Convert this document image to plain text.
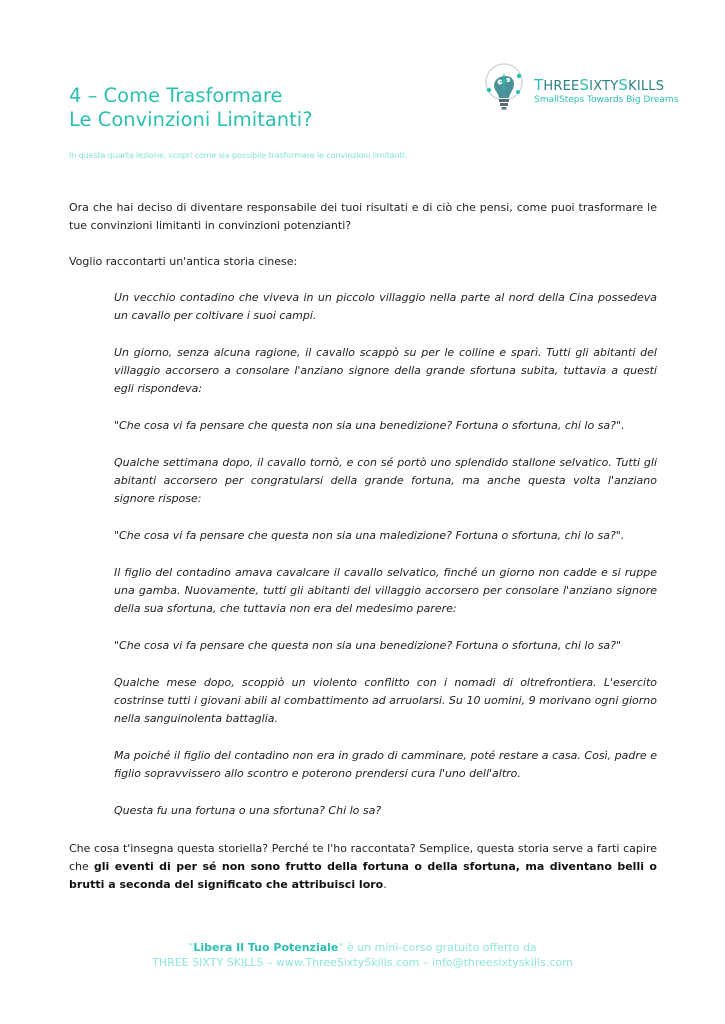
4 – Come Trasformare
Le Convinzioni Limitanti?
In questa quarta lezione, scopri come sia possibile trasformare le convinzioni limitanti.
THREESIXTYSKILLS
SmallSteps Towards Big Dreams

Ora che hai deciso di diventare responsabile dei tuoi risultati e di ciò che pensi, come puoi trasformare le tue convinzioni limitanti in convinzioni potenzianti?

Voglio raccontarti un'antica storia cinese:

Un vecchio contadino che viveva in un piccolo villaggio nella parte al nord della Cina possedeva un cavallo per coltivare i suoi campi.

Un giorno, senza alcuna ragione, il cavallo scappò su per le colline e sparì. Tutti gli abitanti del villaggio accorsero a consolare l'anziano signore della grande sfortuna subita, tuttavia a questi egli rispondeva:

"Che cosa vi fa pensare che questa non sia una benedizione? Fortuna o sfortuna, chi lo sa?".

Qualche settimana dopo, il cavallo tornò, e con sé portò uno splendido stallone selvatico. Tutti gli abitanti accorsero per congratularsi della grande fortuna, ma anche questa volta l'anziano signore rispose:

"Che cosa vi fa pensare che questa non sia una maledizione? Fortuna o sfortuna, chi lo sa?".

Il figlio del contadino amava cavalcare il cavallo selvatico, finché un giorno non cadde e si ruppe una gamba. Nuovamente, tutti gli abitanti del villaggio accorsero per consolare l'anziano signore della sua sfortuna, che tuttavia non era del medesimo parere:

"Che cosa vi fa pensare che questa non sia una benedizione? Fortuna o sfortuna, chi lo sa?"

Qualche mese dopo, scoppiò un violento conflitto con i nomadi di oltrefrontiera. L'esercito costrinse tutti i giovani abili al combattimento ad arruolarsi. Su 10 uomini, 9 morivano ogni giorno nella sanguinolenta battaglia.

Ma poiché il figlio del contadino non era in grado di camminare, poté restare a casa. Così, padre e figlio sopravvissero allo scontro e poterono prendersi cura l'uno dell'altro.

Questa fu una fortuna o una sfortuna? Chi lo sa?

Che cosa t'insegna questa storiella? Perché te l'ho raccontata? Semplice, questa storia serve a farti capire che gli eventi di per sé non sono frutto della fortuna o della sfortuna, ma diventano belli o brutti a seconda del significato che attribuisci loro.

"Libera Il Tuo Potenziale" è un mini-corso gratuito offerto da
THREE SIXTY SKILLS – www.ThreeSixtySkills.com – info@threesixtyskills.com
